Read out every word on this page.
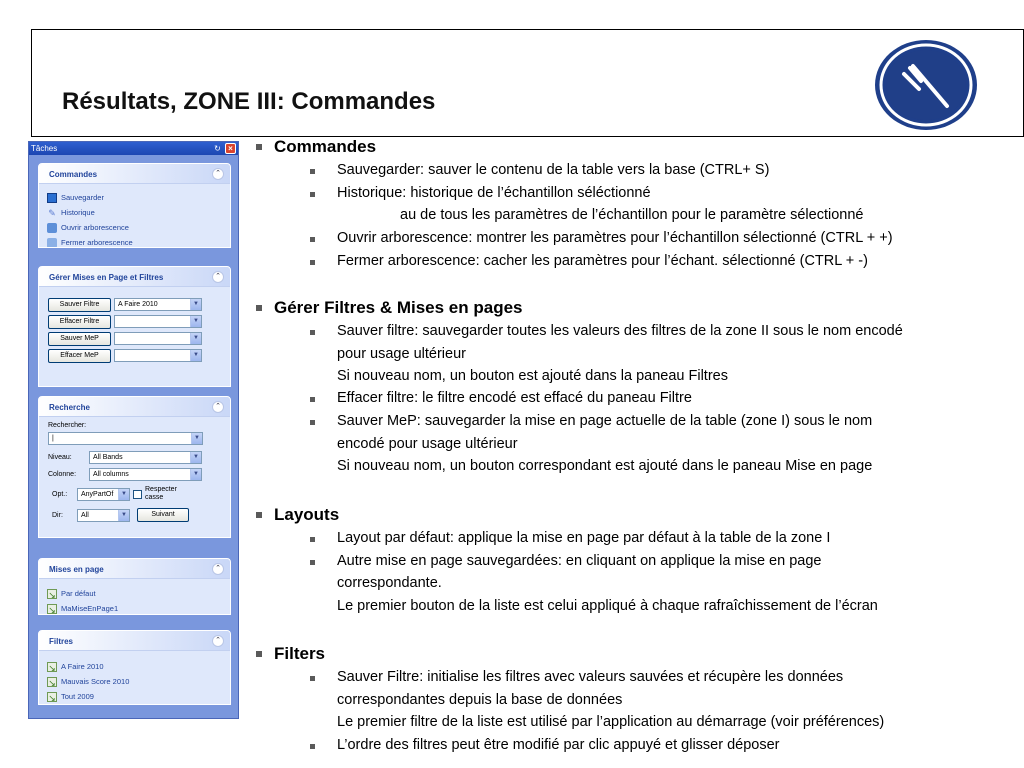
Résultats, ZONE III: Commandes
Tâches	↻ ×
Commandes	⌃
Sauvegarder
✎ Historique
Ouvrir arborescence
Fermer arborescence
Gérer Mises en Page et Filtres	⌃
Sauver Filtre	A Faire 2010	▼
Effacer Filtre	▼
Sauver MeP	▼
Effacer MeP	▼
Recherche	⌃
Rechercher:
|	▼
Niveau:	All Bands	▼
Colonne:	All columns	▼
Opt.:	AnyPartOf	▼
Respecter
casse
Dir:	All	▼	Suivant
Mises en page	⌃
↘ Par défaut
↘ MaMiseEnPage1
Filtres	⌃
↘ A Faire 2010
↘ Mauvais Score 2010
↘ Tout 2009
Commandes
Sauvegarder: sauver le contenu de la table vers la base (CTRL+ S)
Historique: historique de l’échantillon séléctionné
au de tous les paramètres de l’échantillon pour le paramètre sélectionné
Ouvrir arborescence: montrer les paramètres pour l’échantillon sélectionné (CTRL + +)
Fermer arborescence: cacher les paramètres pour l’échant. sélectionné (CTRL + -)
Gérer Filtres & Mises en pages
Sauver filtre: sauvegarder toutes les valeurs des filtres de la zone II sous le nom encodé
pour usage ultérieur
Si nouveau nom, un bouton est ajouté dans la paneau Filtres
Effacer filtre: le filtre encodé est effacé du paneau Filtre
Sauver MeP: sauvegarder la mise en page actuelle de la table (zone I) sous le nom
encodé pour usage ultérieur
Si nouveau nom, un bouton correspondant est ajouté dans le paneau Mise en page
Layouts
Layout par défaut: applique la mise en page par défaut à la table de la zone I
Autre mise en page sauvegardées: en cliquant on applique la mise en page
correspondante.
Le premier bouton de la liste est celui appliqué à chaque rafraîchissement de l’écran
Filters
Sauver Filtre: initialise les filtres avec valeurs sauvées et récupère les données
correspondantes depuis la base de données
Le premier filtre de la liste est utilisé par l’application au démarrage (voir préférences)
L’ordre des filtres peut être modifié par clic appuyé et glisser déposer
